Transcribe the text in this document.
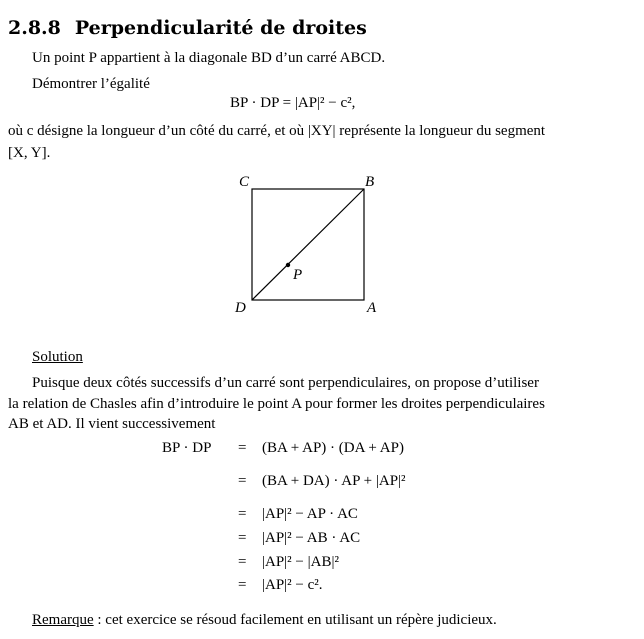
2.8.8 Perpendicularité de droites

Un point P appartient à la diagonale BD d’un carré ABCD.

Démontrer l’égalité

BP · DP = |AP|² − c²,

où c désigne la longueur d’un côté du carré, et où |XY| représente la longueur du segment

[X, Y].

C	B
D	A
P

Solution

Puisque deux côtés successifs d’un carré sont perpendiculaires, on propose d’utiliser

la relation de Chasles afin d’introduire le point A pour former les droites perpendiculaires

AB et AD. Il vient successivement

BP · DP = (BA + AP) · (DA + AP)
= (BA + DA) · AP + |AP|²
= |AP|² − AP · AC
= |AP|² − AB · AC
= |AP|² − |AB|²
= |AP|² − c².

Remarque : cet exercice se résoud facilement en utilisant un répère judicieux.
